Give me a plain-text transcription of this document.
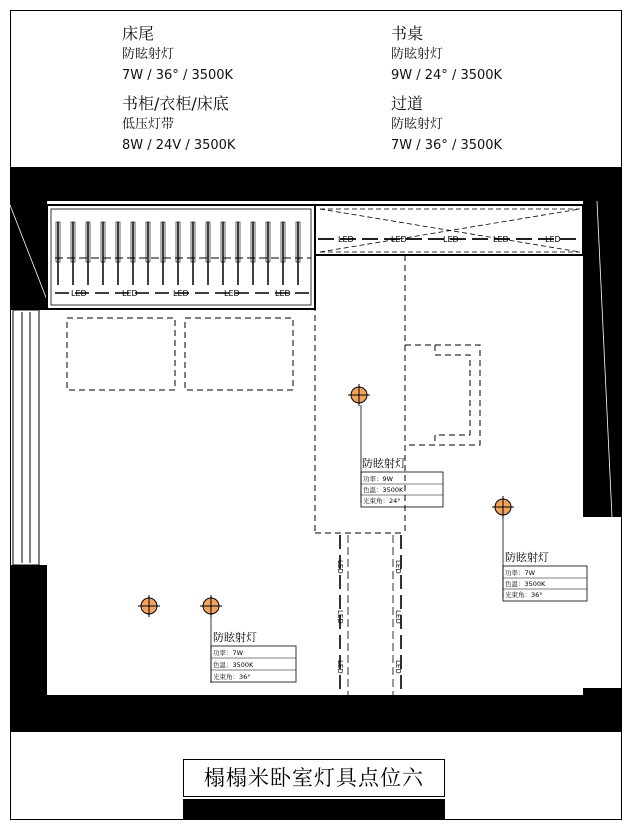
床尾
防眩射灯
7W / 36° / 3500K
书桌
防眩射灯
9W / 24° / 3500K
书柜/衣柜/床底
低压灯带
8W / 24V / 3500K
过道
防眩射灯
7W / 36° / 3500K
LED	LED	LED	LED	LED
LED	LED	LED	LED	LED
LED
LED
LED
LED
LED
LED
防眩射灯
功率：9W
色温：3500K
光束角：24°
防眩射灯
功率：7W
色温：3500K
光束角：36°
防眩射灯
功率：7W
色温：3500K
光束角：36°
榻榻米卧室灯具点位六
